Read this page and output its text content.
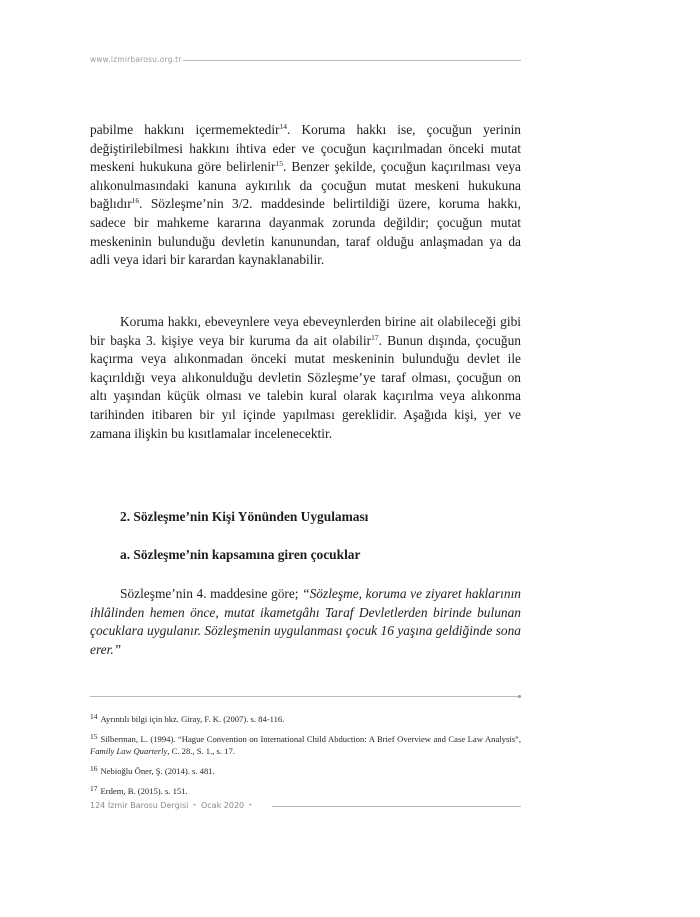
www.izmirbarosu.org.tr
pabilme hakkını içermemektedir$^{14}$. Koruma hakkı ise, çocuğun yerinin değiştirilebilmesi hakkını ihtiva eder ve çocuğun kaçırılmadan önceki mutat meskeni hukukuna göre belirlenir$^{15}$. Benzer şekilde, çocuğun kaçırılması veya alıkonulmasındaki kanuna aykırılık da çocuğun mutat meskeni hukukuna bağlıdır$^{16}$. Sözleşme’nin 3/2. maddesinde belirtildiği üzere, koruma hakkı, sadece bir mahkeme kararına dayanmak zorunda değildir; çocuğun mutat meskeninin bulunduğu devletin kanunundan, taraf olduğu anlaşmadan ya da adli veya idari bir karardan kaynaklanabilir.
Koruma hakkı, ebeveynlere veya ebeveynlerden birine ait olabileceği gibi bir başka 3. kişiye veya bir kuruma da ait olabilir$^{17}$. Bunun dışında, çocuğun kaçırma veya alıkonmadan önceki mutat meskeninin bulunduğu devlet ile kaçırıldığı veya alıkonulduğu devletin Sözleşme’ye taraf olması, çocuğun on altı yaşından küçük olması ve talebin kural olarak kaçırılma veya alıkonma tarihinden itibaren bir yıl içinde yapılması gereklidir. Aşağıda kişi, yer ve zamana ilişkin bu kısıtlamalar incelenecektir.
2. Sözleşme’nin Kişi Yönünden Uygulaması
a. Sözleşme’nin kapsamına giren çocuklar
Sözleşme’nin 4. maddesine göre; “Sözleşme, koruma ve ziyaret haklarının ihlâlinden hemen önce, mutat ikametgâhı Taraf Devletlerden birinde bulunan çocuklara uygulanır. Sözleşmenin uygulanması çocuk 16 yaşına geldiğinde sona erer.”
14 Ayrıntılı bilgi için bkz. Giray, F. K. (2007). s. 84-116.
15 Silberman, L. (1994). “Hague Convention on International Child Abduction: A Brief Overview and Case Law Analysis”, Family Law Quarterly, C. 28., S. 1., s. 17.
16 Nebioğlu Öner, Ş. (2014). s. 481.
17 Erdem, B. (2015). s. 151.
124 İzmir Barosu Dergisi • Ocak 2020 •
